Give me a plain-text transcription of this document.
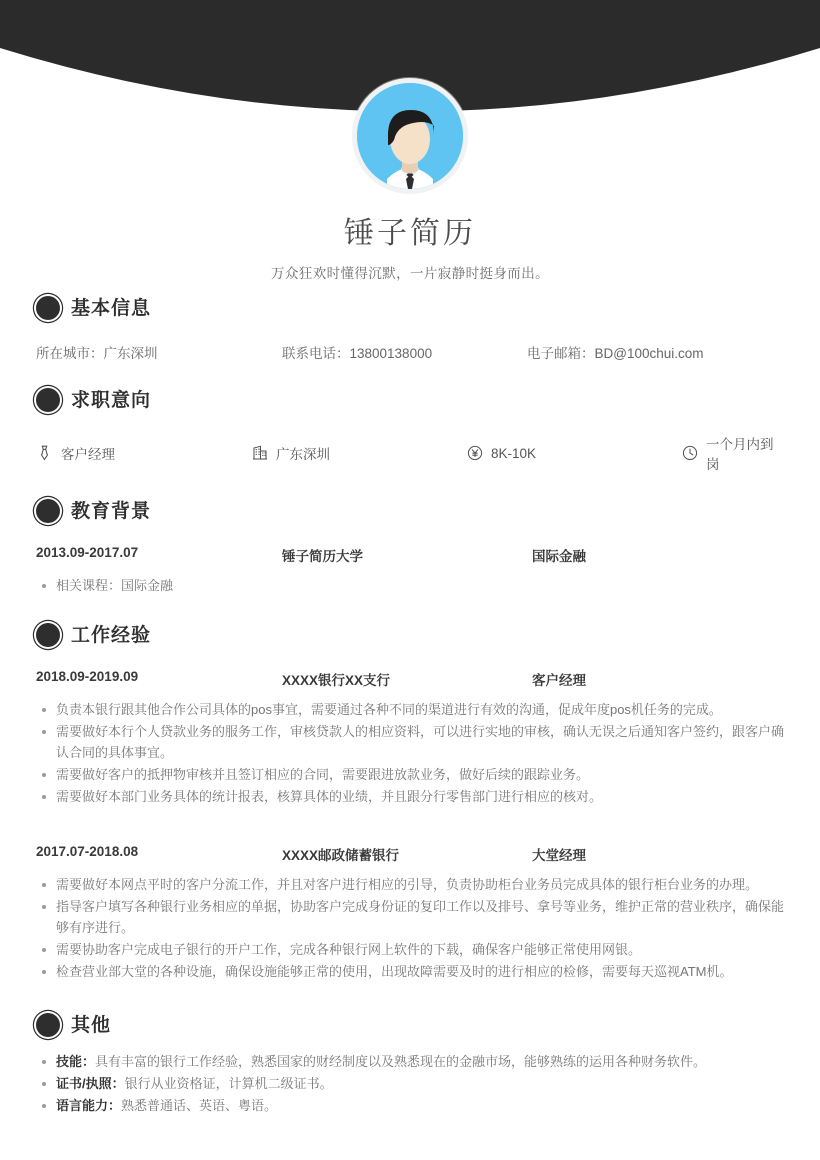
锤子简历
万众狂欢时懂得沉默，一片寂静时挺身而出。
基本信息
所在城市：广东深圳	联系电话：13800138000	电子邮箱：BD@100chui.com
求职意向
客户经理	广东深圳	8K-10K
一个月内到岗
教育背景
2013.09-2017.07	锤子简历大学	国际金融
相关课程：国际金融
工作经验
2018.09-2019.09	XXXX银行XX支行	客户经理
负责本银行跟其他合作公司具体的pos事宜，需要通过各种不同的渠道进行有效的沟通，促成年度pos机任务的完成。
需要做好本行个人贷款业务的服务工作，审核贷款人的相应资料，可以进行实地的审核，确认无误之后通知客户签约，跟客户确认合同的具体事宜。
需要做好客户的抵押物审核并且签订相应的合同，需要跟进放款业务，做好后续的跟踪业务。
需要做好本部门业务具体的统计报表，核算具体的业绩，并且跟分行零售部门进行相应的核对。
2017.07-2018.08	XXXX邮政储蓄银行	大堂经理
需要做好本网点平时的客户分流工作，并且对客户进行相应的引导，负责协助柜台业务员完成具体的银行柜台业务的办理。
指导客户填写各种银行业务相应的单据，协助客户完成身份证的复印工作以及排号、拿号等业务，维护正常的营业秩序，确保能够有序进行。
需要协助客户完成电子银行的开户工作，完成各种银行网上软件的下载，确保客户能够正常使用网银。
检查营业部大堂的各种设施，确保设施能够正常的使用，出现故障需要及时的进行相应的检修，需要每天巡视ATM机。
其他
技能：具有丰富的银行工作经验，熟悉国家的财经制度以及熟悉现在的金融市场，能够熟练的运用各种财务软件。
证书/执照：银行从业资格证，计算机二级证书。
语言能力：熟悉普通话、英语、粤语。
